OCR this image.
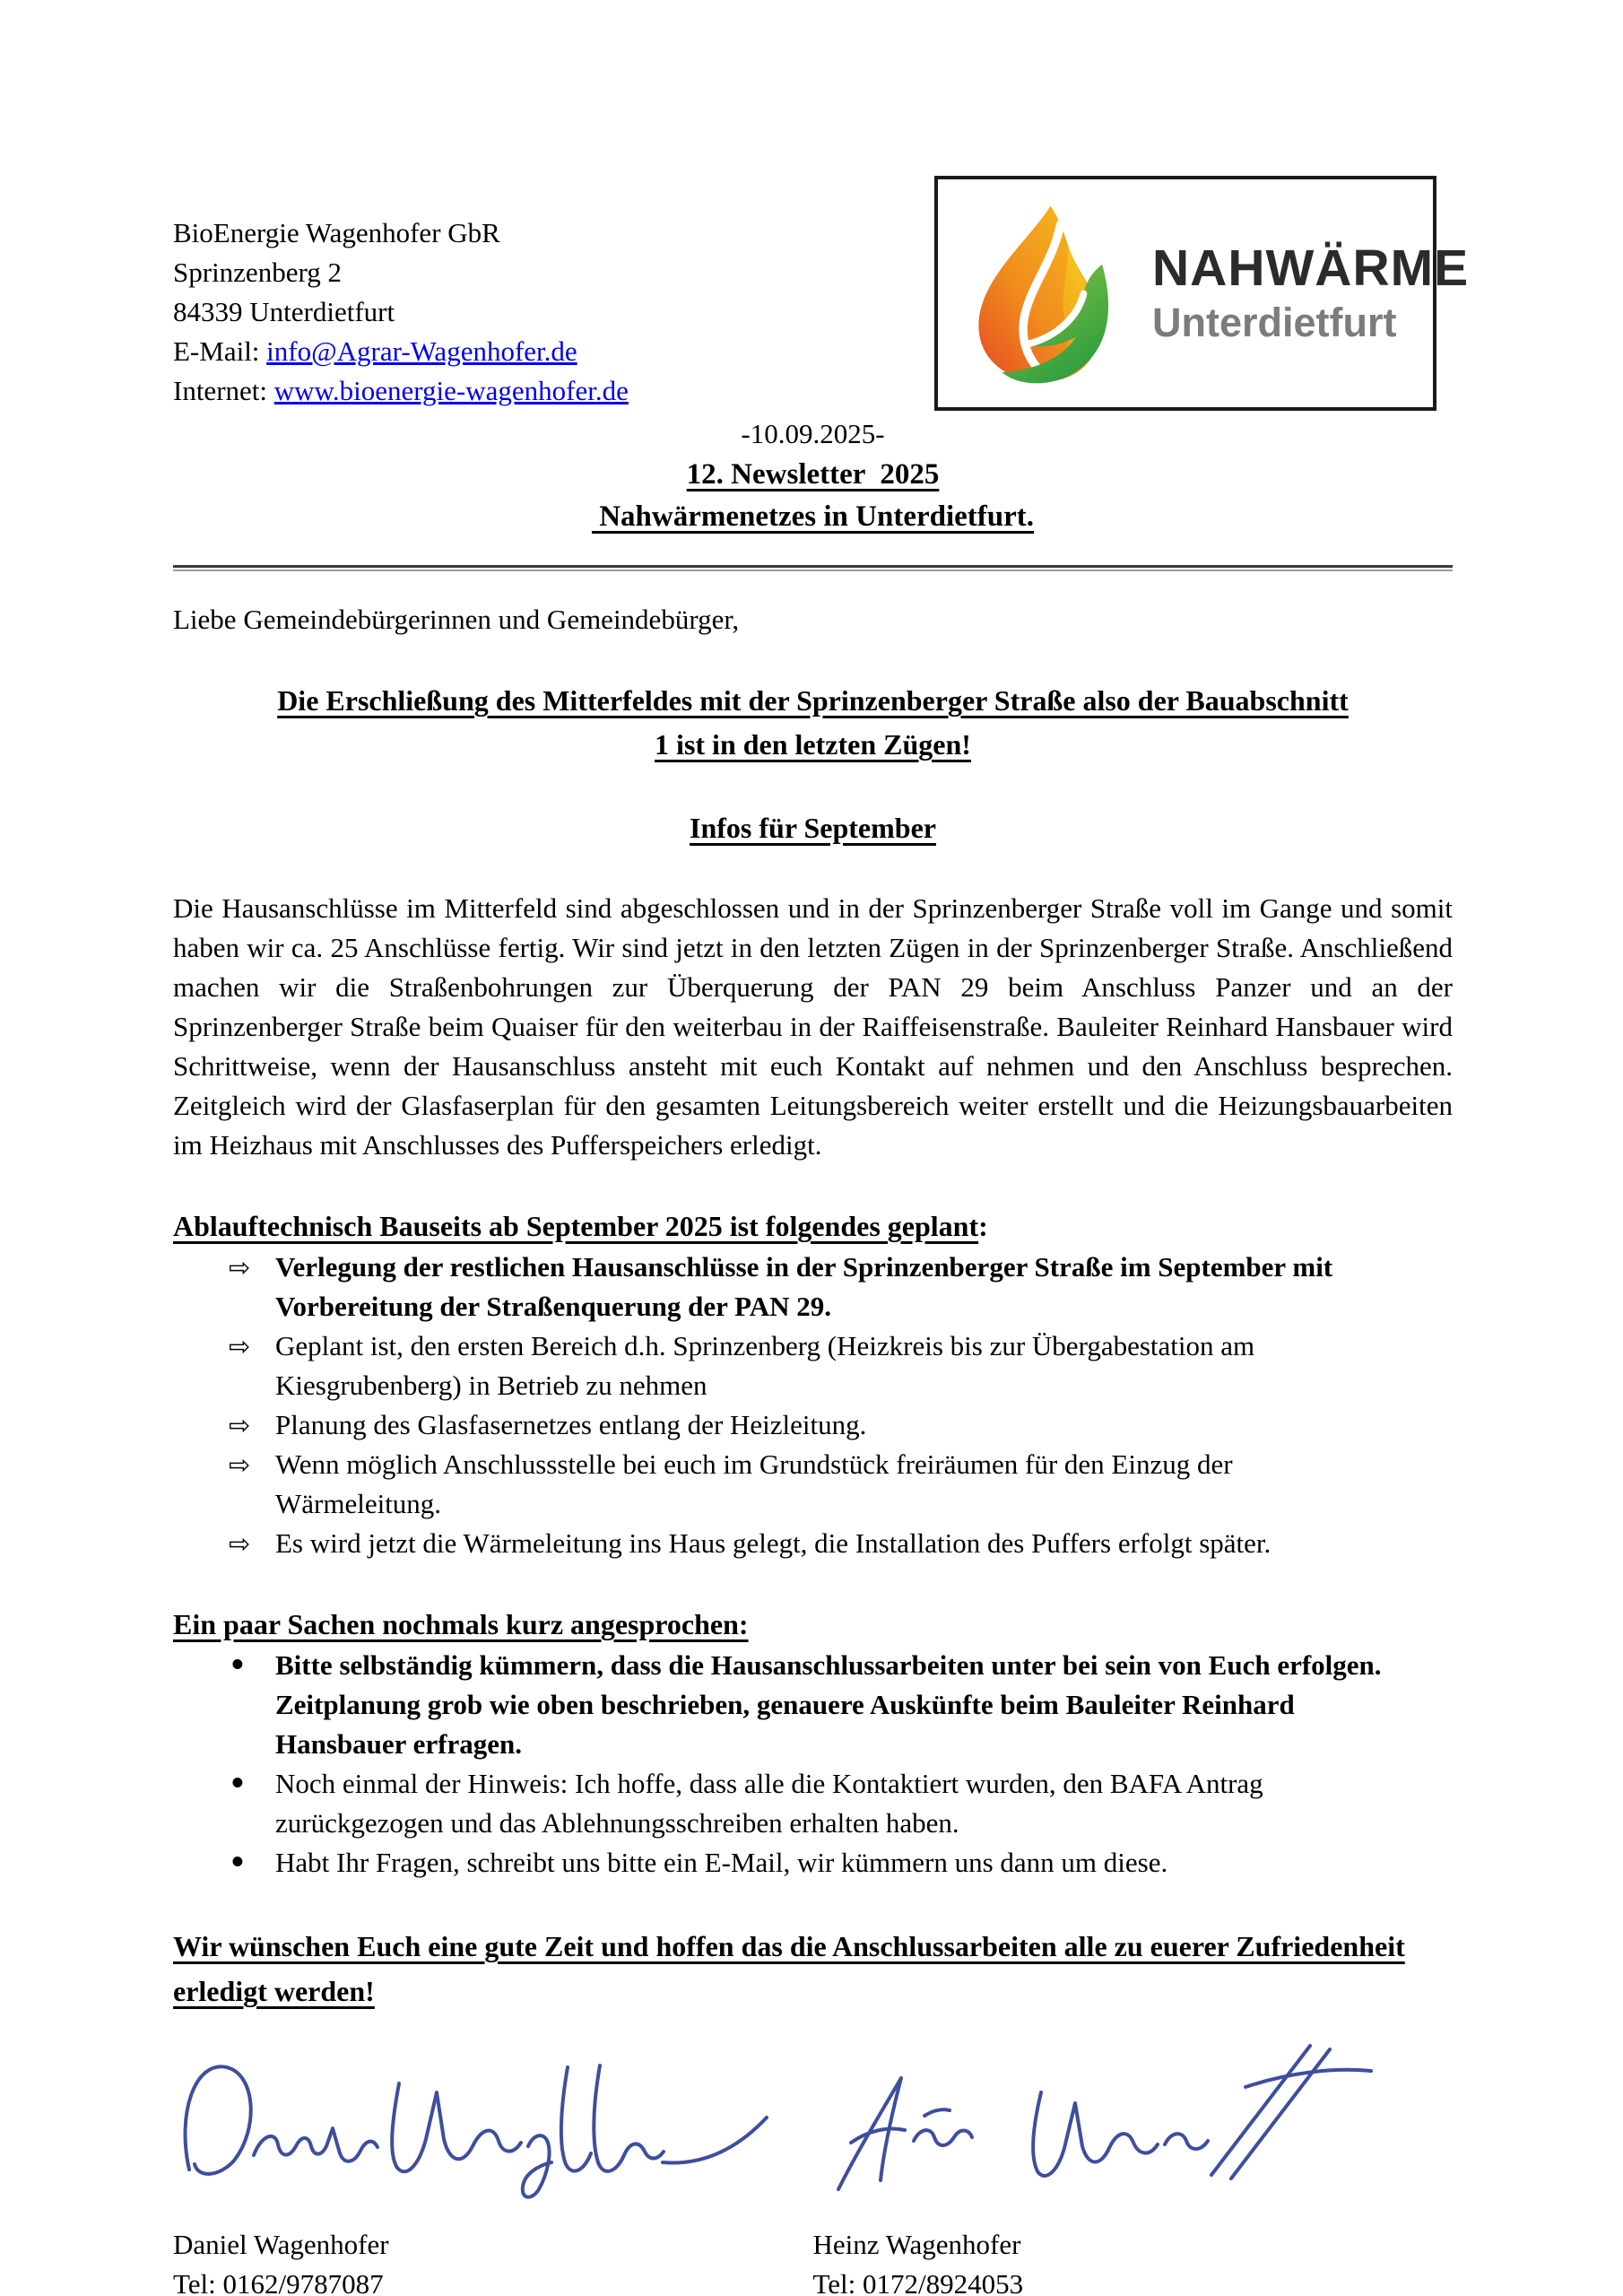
BioEnergie Wagenhofer GbR
Sprinzenberg 2
84339 Unterdietfurt
E-Mail: info@Agrar-Wagenhofer.de
Internet: www.bioenergie-wagenhofer.de
NAHWÄRME
Unterdietfurt
-10.09.2025-
12. Newsletter  2025
Nahwärmenetzes in Unterdietfurt.
Liebe Gemeindebürgerinnen und Gemeindebürger,
Die Erschließung des Mitterfeldes mit der Sprinzenberger Straße also der Bauabschnitt
1 ist in den letzten Zügen!
Infos für September
Die Hausanschlüsse im Mitterfeld sind abgeschlossen und in der Sprinzenberger Straße voll im Gange und somit haben wir ca. 25 Anschlüsse fertig. Wir sind jetzt in den letzten Zügen in der Sprinzenberger Straße. Anschließend machen wir die Straßenbohrungen zur Überquerung der PAN 29 beim Anschluss Panzer und an der Sprinzenberger Straße beim Quaiser für den weiterbau in der Raiffeisenstraße. Bauleiter Reinhard Hansbauer wird Schrittweise, wenn der Hausanschluss ansteht mit euch Kontakt auf nehmen und den Anschluss besprechen. Zeitgleich wird der Glasfaserplan für den gesamten Leitungsbereich weiter erstellt und die Heizungsbauarbeiten im Heizhaus mit Anschlusses des Pufferspeichers erledigt.
Ablauftechnisch Bauseits ab September 2025 ist folgendes geplant:
⇨ Verlegung der restlichen Hausanschlüsse in der Sprinzenberger Straße im September mit Vorbereitung der Straßenquerung der PAN 29.
⇨ Geplant ist, den ersten Bereich d.h. Sprinzenberg (Heizkreis bis zur Übergabestation am Kiesgrubenberg) in Betrieb zu nehmen
⇨ Planung des Glasfasernetzes entlang der Heizleitung.
⇨ Wenn möglich Anschlussstelle bei euch im Grundstück freiräumen für den Einzug der Wärmeleitung.
⇨ Es wird jetzt die Wärmeleitung ins Haus gelegt, die Installation des Puffers erfolgt später.
Ein paar Sachen nochmals kurz angesprochen:
•	Bitte selbständig kümmern, dass die Hausanschlussarbeiten unter bei sein von Euch erfolgen. Zeitplanung grob wie oben beschrieben, genauere Auskünfte beim Bauleiter Reinhard Hansbauer erfragen.
•	Noch einmal der Hinweis: Ich hoffe, dass alle die Kontaktiert wurden, den BAFA Antrag zurückgezogen und das Ablehnungsschreiben erhalten haben.
•	Habt Ihr Fragen, schreibt uns bitte ein E-Mail, wir kümmern uns dann um diese.
Wir wünschen Euch eine gute Zeit und hoffen das die Anschlussarbeiten alle zu euerer Zufriedenheit erledigt werden!
Daniel Wagenhofer
Tel: 0162/9787087
Heinz Wagenhofer
Tel: 0172/8924053
